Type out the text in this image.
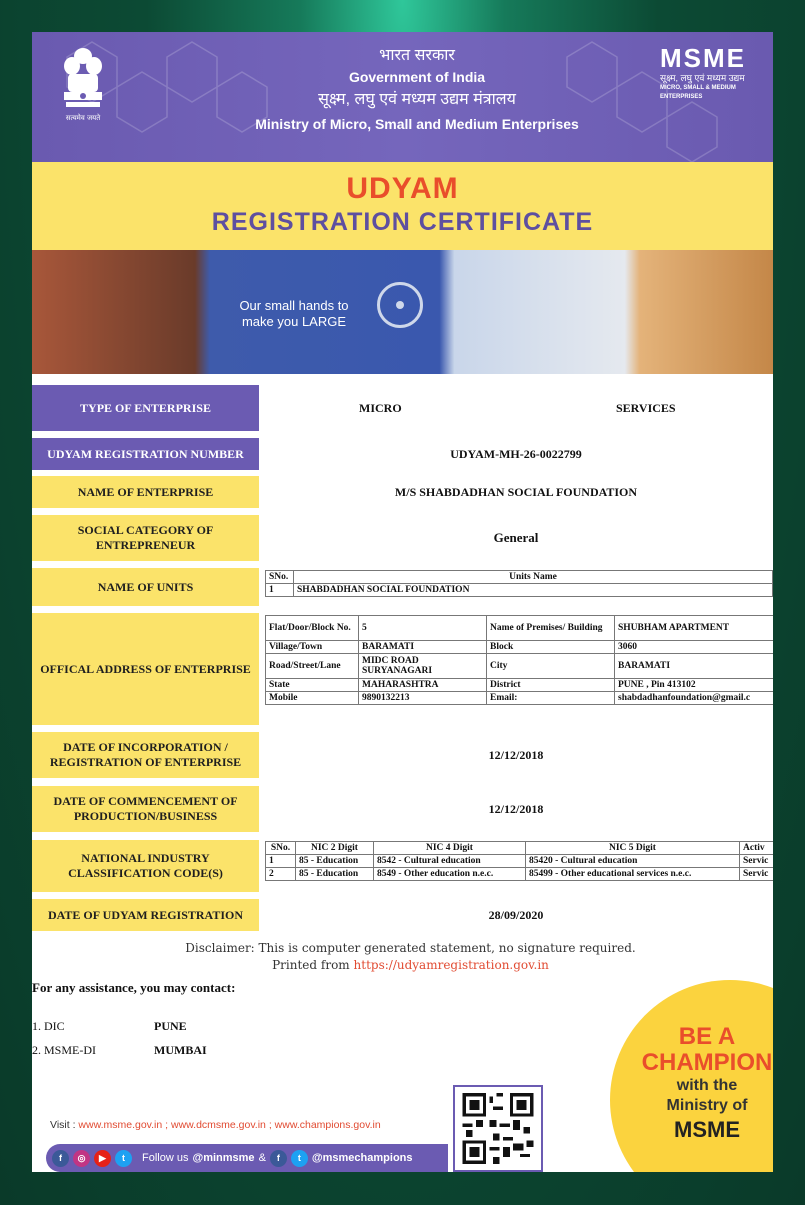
सत्यमेव जयते
भारत सरकार
Government of India
सूक्ष्म, लघु एवं मध्यम उद्यम मंत्रालय
Ministry of Micro, Small and Medium Enterprises
MSME
सूक्ष्म, लघु एवं मध्यम उद्यम
MICRO, SMALL & MEDIUM ENTERPRISES
UDYAM
REGISTRATION CERTIFICATE
Our small hands to make you LARGE
TYPE OF ENTERPRISE	MICRO	SERVICES
UDYAM REGISTRATION NUMBER	UDYAM-MH-26-0022799
NAME OF ENTERPRISE	M/S SHABDADHAN SOCIAL FOUNDATION
SOCIAL CATEGORY OF ENTREPRENEUR	General
NAME OF UNITS
SNo.	Units Name
1	SHABDADHAN SOCIAL FOUNDATION
OFFICAL ADDRESS OF ENTERPRISE
Flat/Door/Block No.	5	Name of Premises/ Building	SHUBHAM APARTMENT
Village/Town	BARAMATI	Block	3060
Road/Street/Lane	MIDC ROAD SURYANAGARI	City	BARAMATI
State	MAHARASHTRA	District	PUNE , Pin 413102
Mobile	9890132213	Email:	shabdadhanfoundation@gmail.c
DATE OF INCORPORATION / REGISTRATION OF ENTERPRISE
12/12/2018
DATE OF COMMENCEMENT OF PRODUCTION/BUSINESS
12/12/2018
NATIONAL INDUSTRY CLASSIFICATION CODE(S)
SNo.	NIC 2 Digit	NIC 4 Digit	NIC 5 Digit	Activ
1	85 - Education	8542 - Cultural education	85420 - Cultural education	Servic
2	85 - Education	8549 - Other education n.e.c.	85499 - Other educational services n.e.c.	Servic
DATE OF UDYAM REGISTRATION	28/09/2020
Disclaimer: This is computer generated statement, no signature required.
Printed from https://udyamregistration.gov.in
BE A
CHAMPION
with the
Ministry of
MSME
For any assistance, you may contact:
1. DIC	PUNE
2. MSME-DI	MUMBAI
Visit : www.msme.gov.in ; www.dcmsme.gov.in ; www.champions.gov.in
f	◎	▶	t	Follow us @minmsme &	f	t	@msmechampions
